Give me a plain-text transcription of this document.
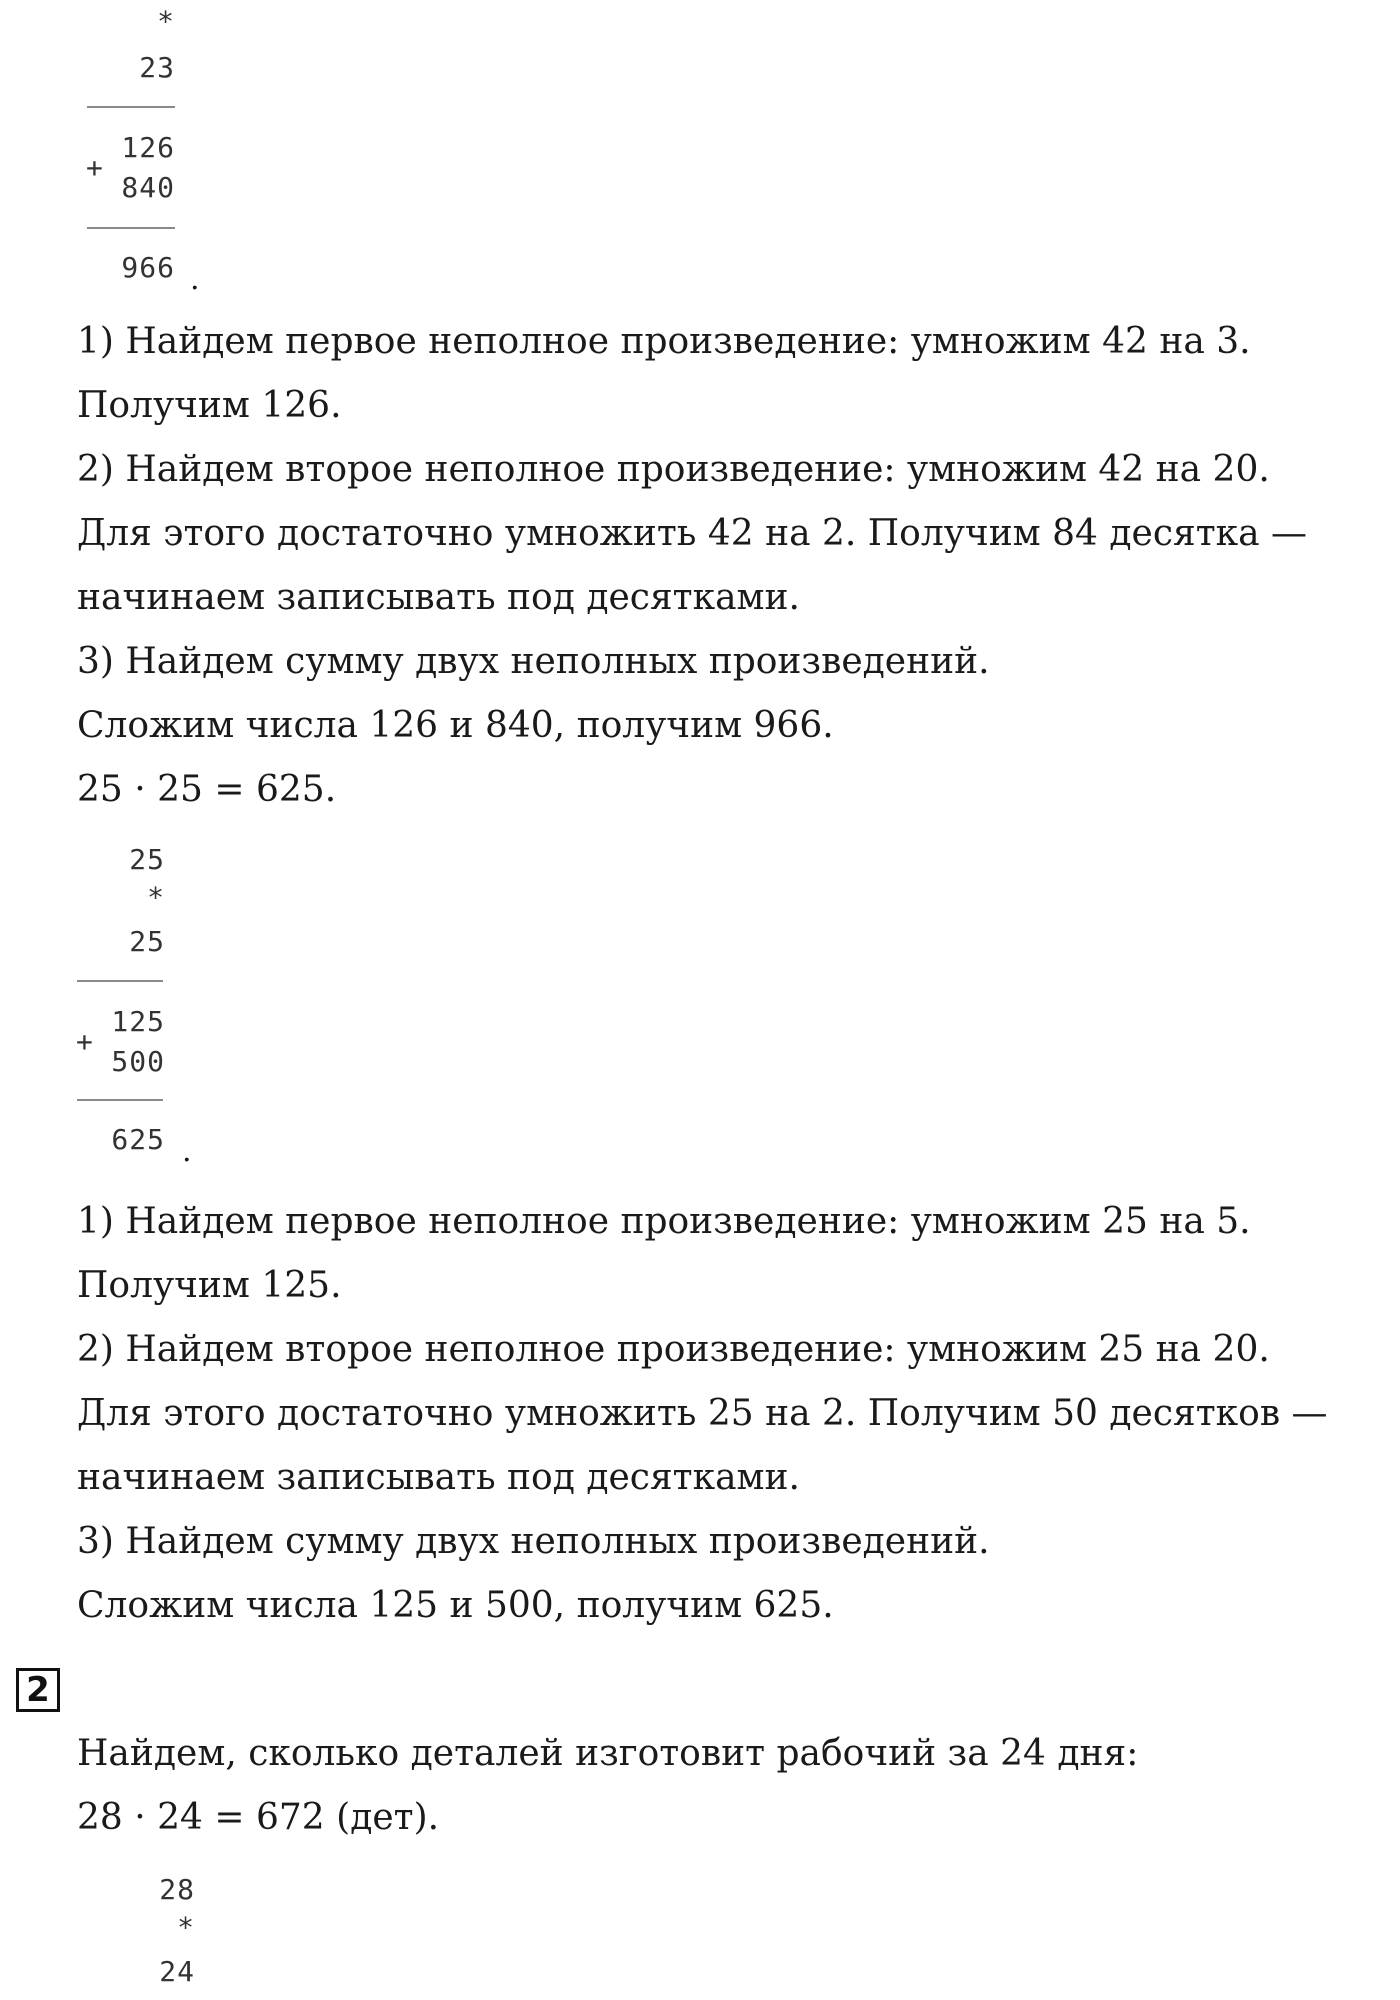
*
23
126
+
840
966 .
1) Найдем первое неполное произведение: умножим 42 на 3.
Получим 126.
2) Найдем второе неполное произведение: умножим 42 на 20.
Для этого достаточно умножить 42 на 2. Получим 84 десятка —
начинаем записывать под десятками.
3) Найдем сумму двух неполных произведений.
Сложим числа 126 и 840, получим 966.
25 · 25 = 625.
25
*
25
125
+
500
625 .
1) Найдем первое неполное произведение: умножим 25 на 5.
Получим 125.
2) Найдем второе неполное произведение: умножим 25 на 20.
Для этого достаточно умножить 25 на 2. Получим 50 десятков —
начинаем записывать под десятками.
3) Найдем сумму двух неполных произведений.
Сложим числа 125 и 500, получим 625.
2
Найдем, сколько деталей изготовит рабочий за 24 дня:
28 · 24 = 672 (дет).
28
*
24
